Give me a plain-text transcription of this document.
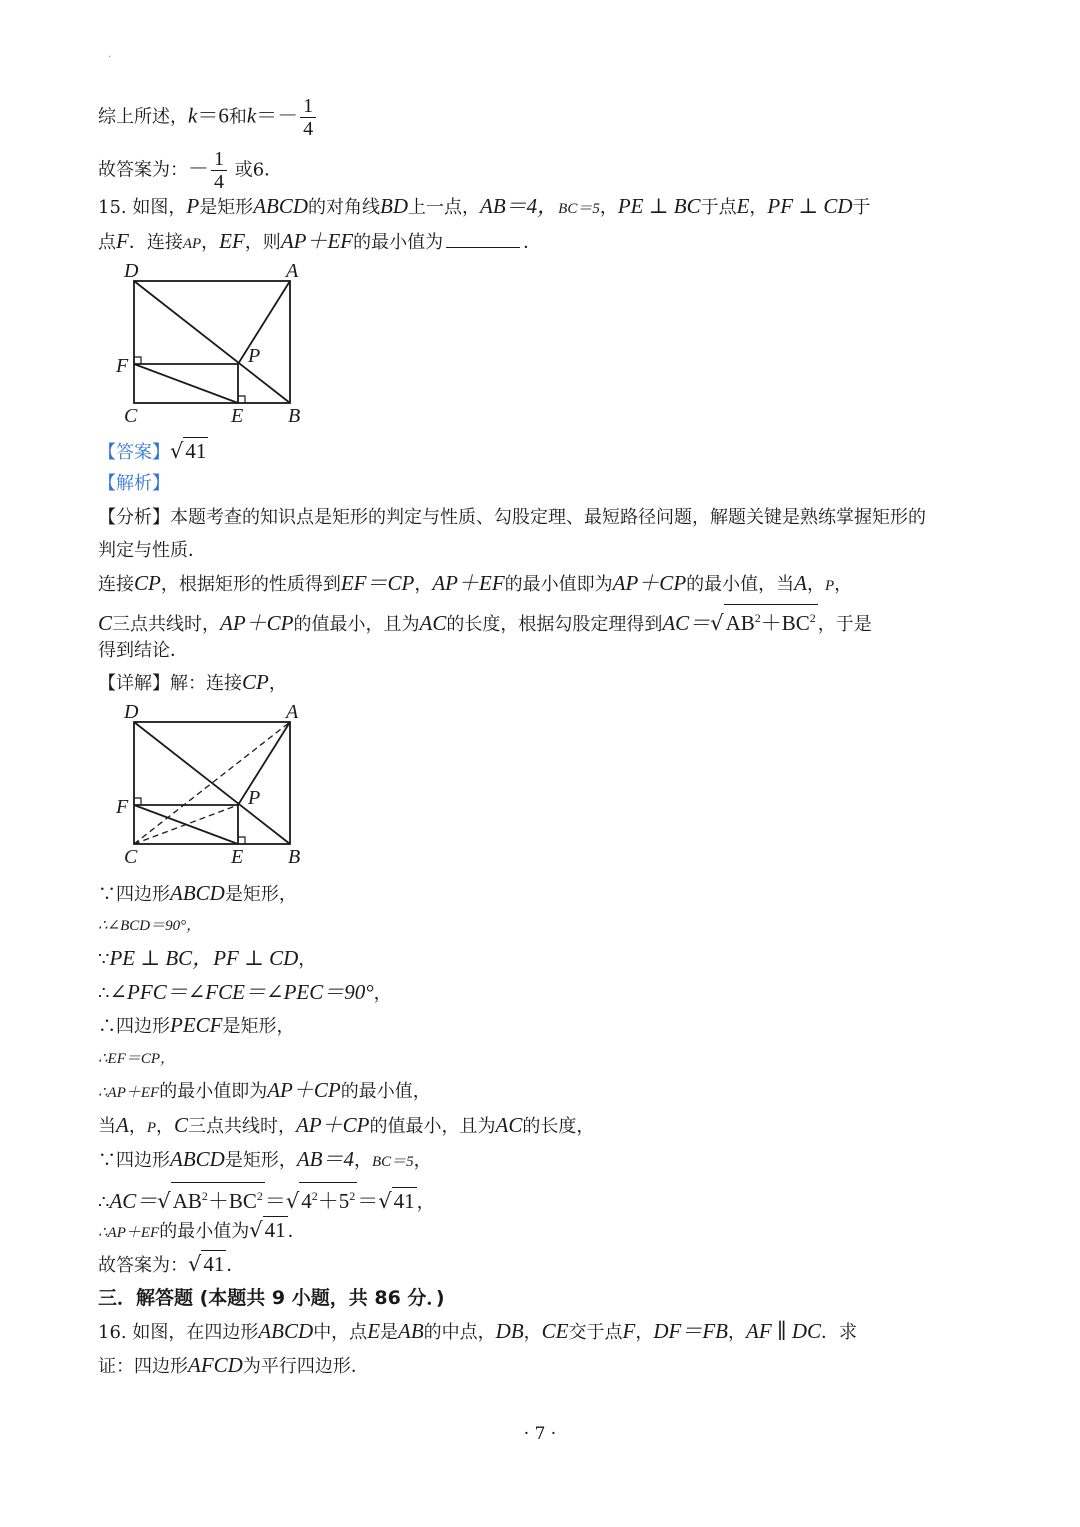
.
综上所述，k＝6和$k=- \frac{1}{4}$
故答案为：－ $\frac{1}{4}$ 或6．
15. 如图，P是矩形ABCD的对角线BD上一点，AB＝4，BC＝5，PE ⊥ BC于点E，PF ⊥ CD于
点F．连接AP，EF，则AP＋EF的最小值为	．
D	A
F	P
C	E B
【答案】√41
【解析】
【分析】本题考查的知识点是矩形的判定与性质、勾股定理、最短路径问题，解题关键是熟练掌握矩形的
判定与性质．
连接CP，根据矩形的性质得到EF＝CP，AP＋EF的最小值即为AP＋CP的最小值，当A，P，
C三点共线时，AP＋CP的值最小，且为AC的长度，根据勾股定理得到$AC=√AB^2+BC^2$ ，于是
得到结论．
【详解】解：连接CP，
D	A
F	P
C	E B
∵四边形ABCD是矩形，
∴∠BCD＝90°，
∵PE ⊥ BC，PF ⊥ CD，
∴∠PFC＝∠FCE＝∠PEC＝90°，
∴四边形PECF是矩形，
∴EF＝CP，
∴AP＋EF的最小值即为AP＋CP的最小值，
当A，P，C三点共线时，AP＋CP的值最小，且为AC的长度，
∵四边形ABCD是矩形，AB＝4，BC＝5，
$\therefore AC=√AB^2+BC^2=√4^2+5^2=√41$ ，
∴AP＋EF的最小值为√41 ．
故答案为：√41 ．
三．解答题 (本题共 9 小题，共 86 分．)
16. 如图，在四边形ABCD中，点E是AB的中点，DB，CE交于点F，DF＝FB，AF ∥ DC．求
证：四边形AFCD为平行四边形．
· 7 ·
